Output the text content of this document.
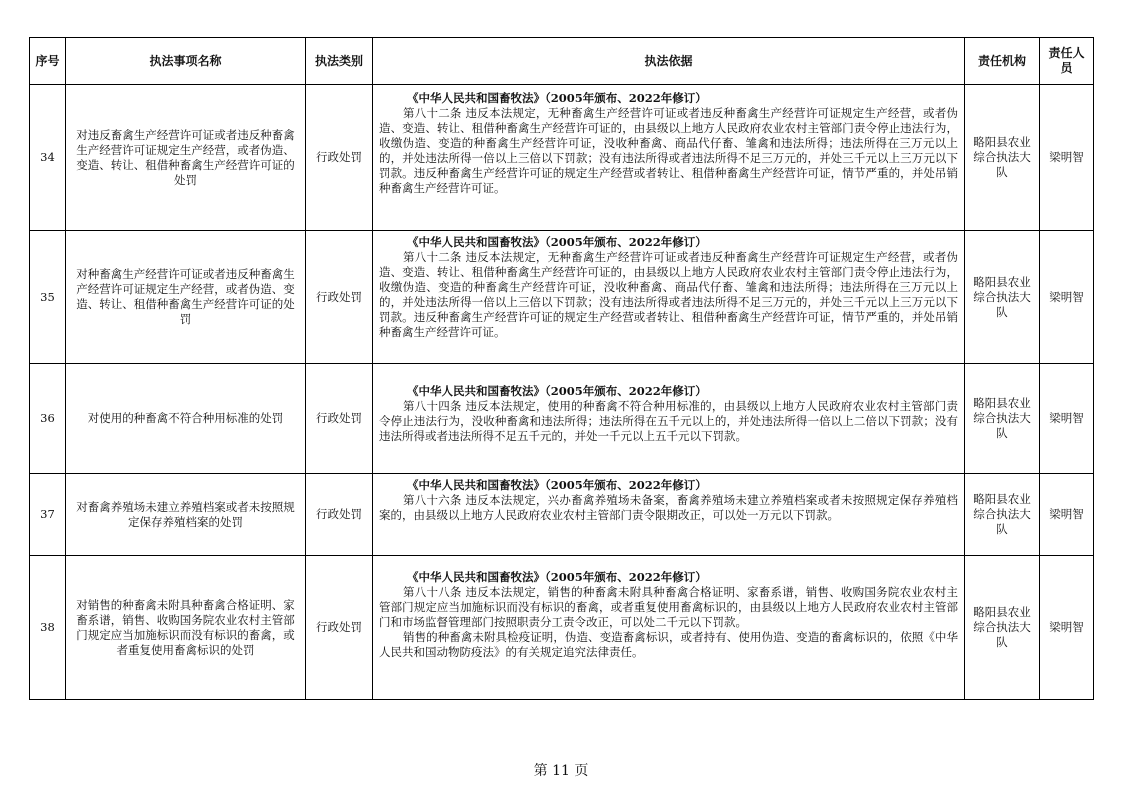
序号	执法事项名称	执法类别	执法依据	责任机构	责任人员
34	对违反畜禽生产经营许可证或者违反种畜禽生产经营许可证规定生产经营，或者伪造、变造、转让、租借种畜禽生产经营许可证的处罚	行政处罚	《中华人民共和国畜牧法》（2005年颁布、2022年修订）
第八十二条 违反本法规定，无种畜禽生产经营许可证或者违反种畜禽生产经营许可证规定生产经营，或者伪造、变造、转让、租借种畜禽生产经营许可证的，由县级以上地方人民政府农业农村主管部门责令停止违法行为，收缴伪造、变造的种畜禽生产经营许可证，没收种畜禽、商品代仔畜、雏禽和违法所得；违法所得在三万元以上的，并处违法所得一倍以上三倍以下罚款；没有违法所得或者违法所得不足三万元的，并处三千元以上三万元以下罚款。违反种畜禽生产经营许可证的规定生产经营或者转让、租借种畜禽生产经营许可证，情节严重的，并处吊销种畜禽生产经营许可证。	略阳县农业综合执法大队	梁明智
35	对种畜禽生产经营许可证或者违反种畜禽生产经营许可证规定生产经营，或者伪造、变造、转让、租借种畜禽生产经营许可证的处罚	行政处罚	《中华人民共和国畜牧法》（2005年颁布、2022年修订）
第八十二条 违反本法规定，无种畜禽生产经营许可证或者违反种畜禽生产经营许可证规定生产经营，或者伪造、变造、转让、租借种畜禽生产经营许可证的，由县级以上地方人民政府农业农村主管部门责令停止违法行为，收缴伪造、变造的种畜禽生产经营许可证，没收种畜禽、商品代仔畜、雏禽和违法所得；违法所得在三万元以上的，并处违法所得一倍以上三倍以下罚款；没有违法所得或者违法所得不足三万元的，并处三千元以上三万元以下罚款。违反种畜禽生产经营许可证的规定生产经营或者转让、租借种畜禽生产经营许可证，情节严重的，并处吊销种畜禽生产经营许可证。	略阳县农业综合执法大队	梁明智
36	对使用的种畜禽不符合种用标准的处罚	行政处罚	《中华人民共和国畜牧法》（2005年颁布、2022年修订）
第八十四条 违反本法规定，使用的种畜禽不符合种用标准的，由县级以上地方人民政府农业农村主管部门责令停止违法行为，没收种畜禽和违法所得；违法所得在五千元以上的，并处违法所得一倍以上二倍以下罚款；没有违法所得或者违法所得不足五千元的，并处一千元以上五千元以下罚款。	略阳县农业综合执法大队	梁明智
37	对畜禽养殖场未建立养殖档案或者未按照规定保存养殖档案的处罚	行政处罚	《中华人民共和国畜牧法》（2005年颁布、2022年修订）
第八十六条 违反本法规定，兴办畜禽养殖场未备案，畜禽养殖场未建立养殖档案或者未按照规定保存养殖档案的，由县级以上地方人民政府农业农村主管部门责令限期改正，可以处一万元以下罚款。	略阳县农业综合执法大队	梁明智
38	对销售的种畜禽未附具种畜禽合格证明、家畜系谱，销售、收购国务院农业农村主管部门规定应当加施标识而没有标识的畜禽，或者重复使用畜禽标识的处罚	行政处罚	《中华人民共和国畜牧法》（2005年颁布、2022年修订）
第八十八条 违反本法规定，销售的种畜禽未附具种畜禽合格证明、家畜系谱，销售、收购国务院农业农村主管部门规定应当加施标识而没有标识的畜禽，或者重复使用畜禽标识的，由县级以上地方人民政府农业农村主管部门和市场监督管理部门按照职责分工责令改正，可以处二千元以下罚款。
销售的种畜禽未附具检疫证明，伪造、变造畜禽标识，或者持有、使用伪造、变造的畜禽标识的，依照《中华人民共和国动物防疫法》的有关规定追究法律责任。	略阳县农业综合执法大队	梁明智
第 11 页
